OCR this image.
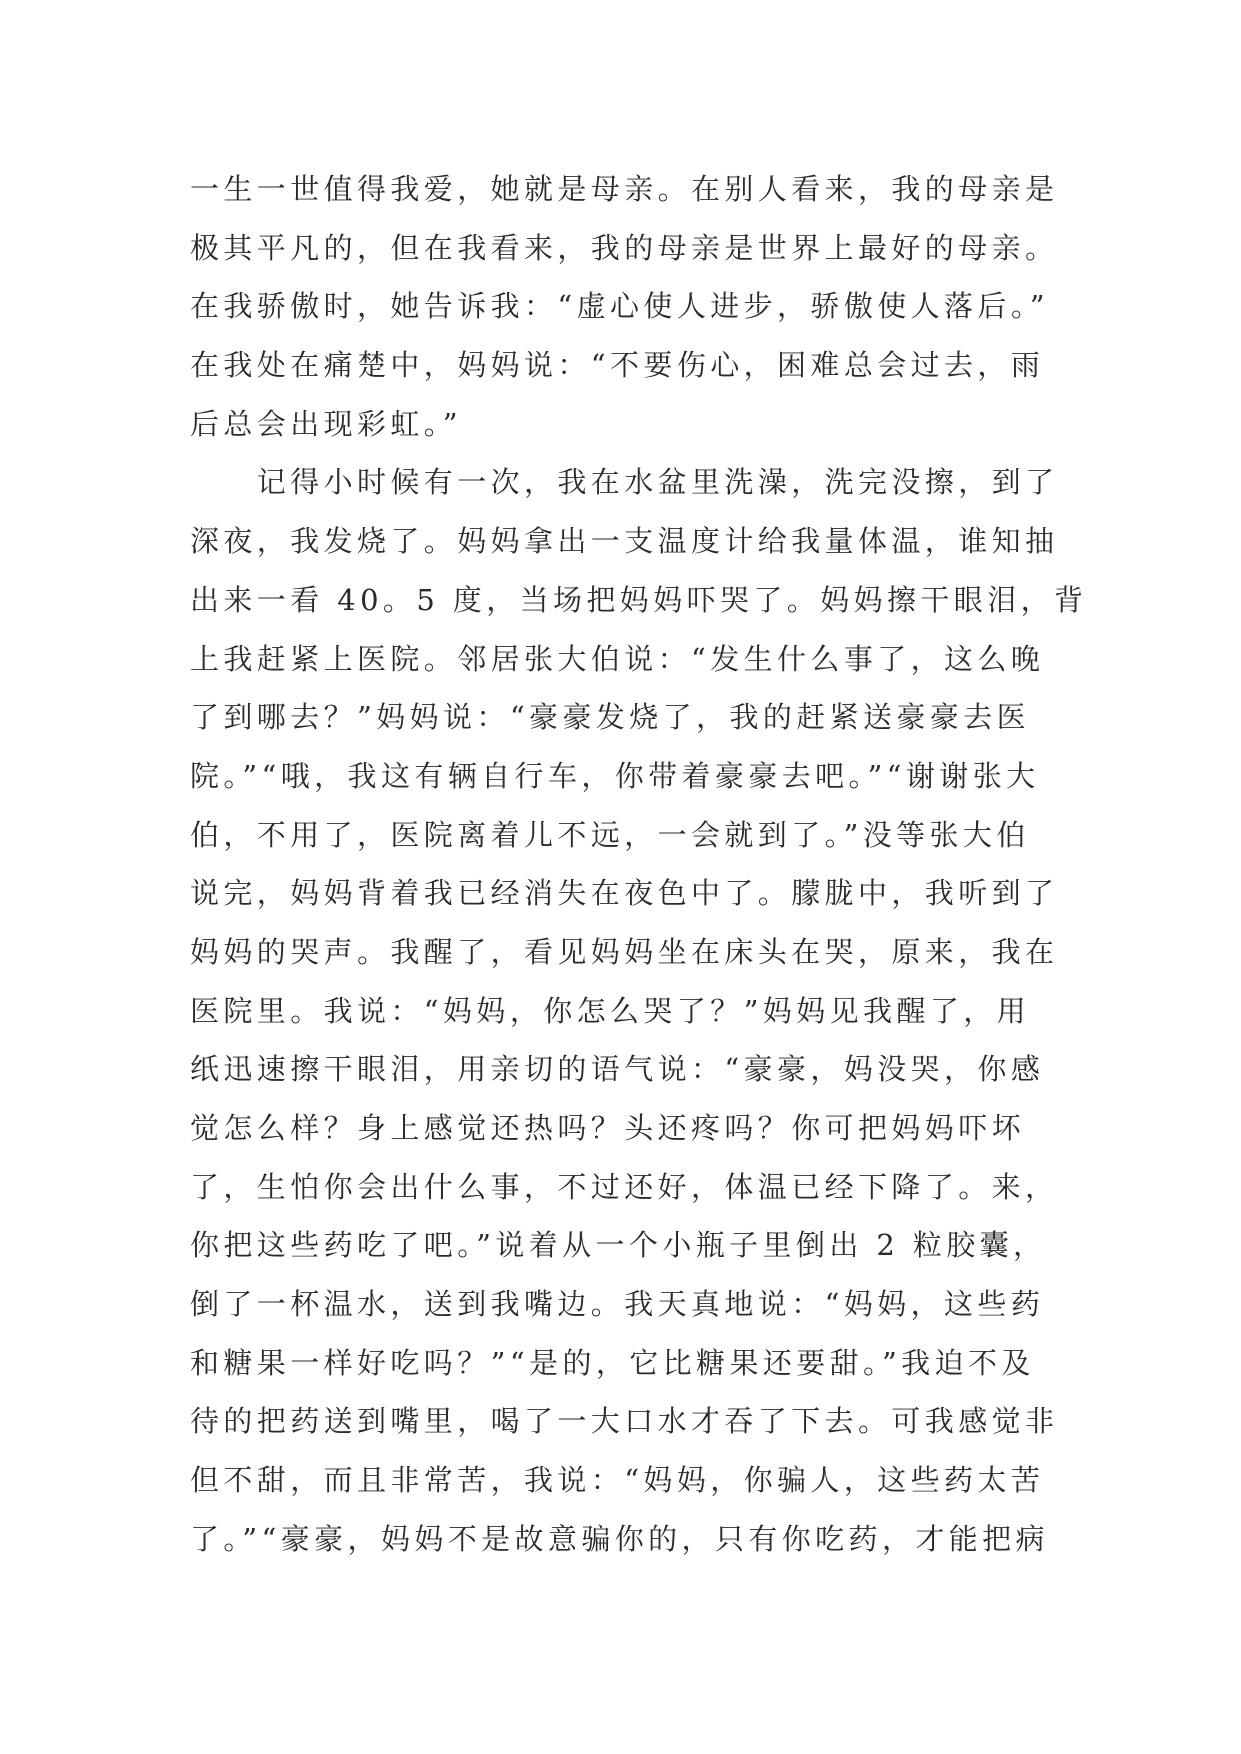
一生一世值得我爱，她就是母亲。在别人看来，我的母亲是
极其平凡的，但在我看来，我的母亲是世界上最好的母亲。
在我骄傲时，她告诉我：“虚心使人进步，骄傲使人落后。”
在我处在痛楚中，妈妈说：“不要伤心，困难总会过去，雨
后总会出现彩虹。”
　　记得小时候有一次，我在水盆里洗澡，洗完没擦，到了
深夜，我发烧了。妈妈拿出一支温度计给我量体温，谁知抽
出来一看 40。5 度，当场把妈妈吓哭了。妈妈擦干眼泪，背
上我赶紧上医院。邻居张大伯说：“发生什么事了，这么晚
了到哪去？”妈妈说：“豪豪发烧了，我的赶紧送豪豪去医
院。”“哦，我这有辆自行车，你带着豪豪去吧。”“谢谢张大
伯，不用了，医院离着儿不远，一会就到了。”没等张大伯
说完，妈妈背着我已经消失在夜色中了。朦胧中，我听到了
妈妈的哭声。我醒了，看见妈妈坐在床头在哭，原来，我在
医院里。我说：“妈妈，你怎么哭了？”妈妈见我醒了，用
纸迅速擦干眼泪，用亲切的语气说：“豪豪，妈没哭，你感
觉怎么样？身上感觉还热吗？头还疼吗？你可把妈妈吓坏
了，生怕你会出什么事，不过还好，体温已经下降了。来，
你把这些药吃了吧。”说着从一个小瓶子里倒出 2 粒胶囊，
倒了一杯温水，送到我嘴边。我天真地说：“妈妈，这些药
和糖果一样好吃吗？”“是的，它比糖果还要甜。”我迫不及
待的把药送到嘴里，喝了一大口水才吞了下去。可我感觉非
但不甜，而且非常苦，我说：“妈妈，你骗人，这些药太苦
了。”“豪豪，妈妈不是故意骗你的，只有你吃药，才能把病
